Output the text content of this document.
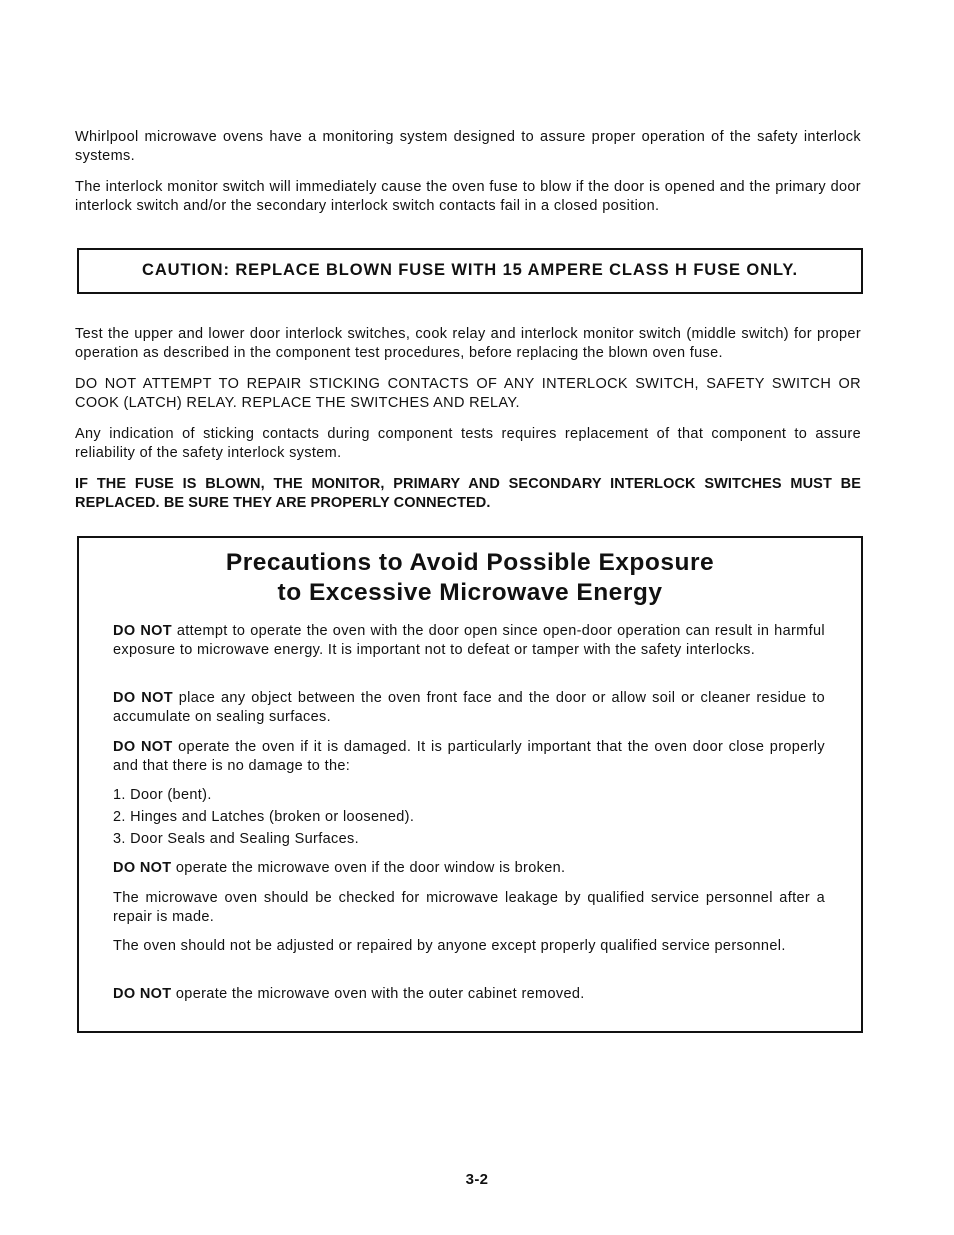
Whirlpool microwave ovens have a monitoring system designed to assure proper operation of the safety interlock systems.

The interlock monitor switch will immediately cause the oven fuse to blow if the door is opened and the primary door interlock switch and/or the secondary interlock switch contacts fail in a closed position.

CAUTION: REPLACE BLOWN FUSE WITH 15 AMPERE CLASS H FUSE ONLY.

Test the upper and lower door interlock switches, cook relay and interlock monitor switch (middle switch) for proper operation as described in the component test procedures, before replacing the blown oven fuse.

DO NOT ATTEMPT TO REPAIR STICKING CONTACTS OF ANY INTERLOCK SWITCH, SAFETY SWITCH OR COOK (LATCH) RELAY. REPLACE THE SWITCHES AND RELAY.

Any indication of sticking contacts during component tests requires replacement of that component to assure reliability of the safety interlock system.

IF THE FUSE IS BLOWN, THE MONITOR, PRIMARY AND SECONDARY INTERLOCK SWITCHES MUST BE REPLACED. BE SURE THEY ARE PROPERLY CONNECTED.

Precautions to Avoid Possible Exposure
to Excessive Microwave Energy

DO NOT attempt to operate the oven with the door open since open-door operation can result in harmful exposure to microwave energy. It is important not to defeat or tamper with the safety interlocks.

DO NOT place any object between the oven front face and the door or allow soil or cleaner residue to accumulate on sealing surfaces.

DO NOT operate the oven if it is damaged. It is particularly important that the oven door close properly and that there is no damage to the:

1. Door (bent).

2. Hinges and Latches (broken or loosened).

3. Door Seals and Sealing Surfaces.

DO NOT operate the microwave oven if the door window is broken.

The microwave oven should be checked for microwave leakage by qualified service personnel after a repair is made.

The oven should not be adjusted or repaired by anyone except properly qualified service personnel.

DO NOT operate the microwave oven with the outer cabinet removed.

3-2
